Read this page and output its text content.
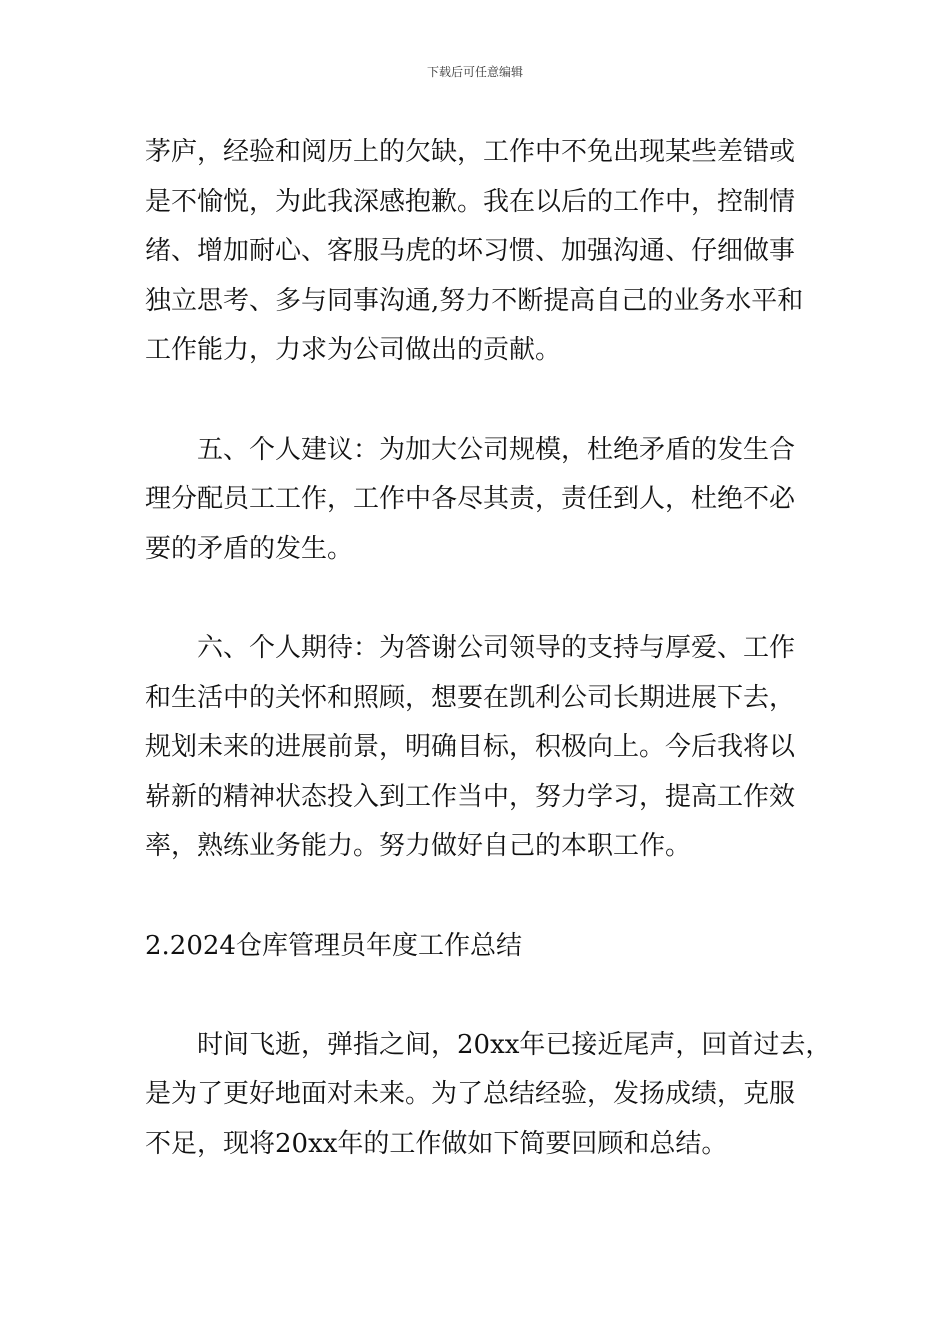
下载后可任意编辑
茅庐，经验和阅历上的欠缺，工作中不免出现某些差错或
是不愉悦，为此我深感抱歉。我在以后的工作中，控制情
绪、增加耐心、客服马虎的坏习惯、加强沟通、仔细做事
独立思考、多与同事沟通,努力不断提高自己的业务水平和
工作能力，力求为公司做出的贡献。
五、个人建议：为加大公司规模，杜绝矛盾的发生合
理分配员工工作，工作中各尽其责，责任到人，杜绝不必
要的矛盾的发生。
六、个人期待：为答谢公司领导的支持与厚爱、工作
和生活中的关怀和照顾，想要在凯利公司长期进展下去，
规划未来的进展前景，明确目标，积极向上。今后我将以
崭新的精神状态投入到工作当中，努力学习，提高工作效
率，熟练业务能力。努力做好自己的本职工作。
2.2024仓库管理员年度工作总结
时间飞逝，弹指之间，20xx年已接近尾声，回首过去，
是为了更好地面对未来。为了总结经验，发扬成绩，克服
不足，现将20xx年的工作做如下简要回顾和总结。
